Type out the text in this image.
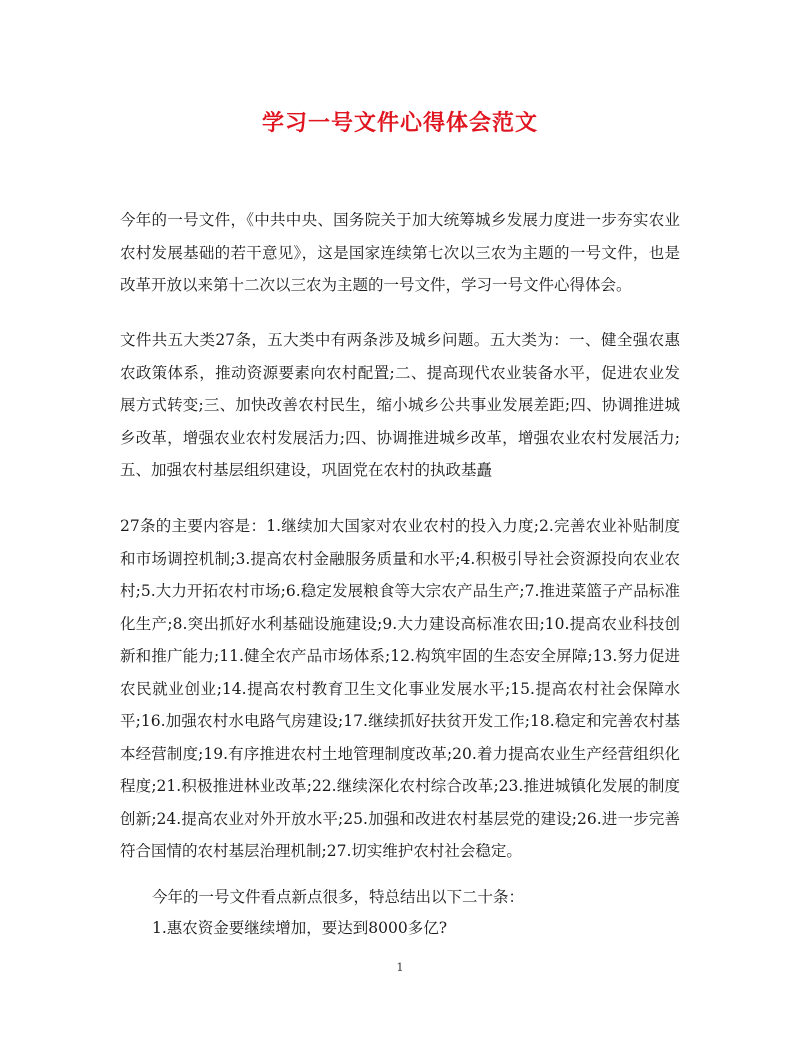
学习一号文件心得体会范文

今年的一号文件，《中共中央、国务院关于加大统筹城乡发展力度进一步夯实农业农村发展基础的若干意见》，这是国家连续第七次以三农为主题的一号文件，也是改革开放以来第十二次以三农为主题的一号文件，学习一号文件心得体会。

文件共五大类27条，五大类中有两条涉及城乡问题。五大类为：一、健全强农惠农政策体系，推动资源要素向农村配置;二、提高现代农业装备水平，促进农业发展方式转变;三、加快改善农村民生，缩小城乡公共事业发展差距;四、协调推进城乡改革，增强农业农村发展活力;四、协调推进城乡改革，增强农业农村发展活力;五、加强农村基层组织建设，巩固党在农村的执政基矗

27条的主要内容是：1.继续加大国家对农业农村的投入力度;2.完善农业补贴制度和市场调控机制;3.提高农村金融服务质量和水平;4.积极引导社会资源投向农业农村;5.大力开拓农村市场;6.稳定发展粮食等大宗农产品生产;7.推进菜篮子产品标准化生产;8.突出抓好水利基础设施建设;9.大力建设高标准农田;10.提高农业科技创新和推广能力;11.健全农产品市场体系;12.构筑牢固的生态安全屏障;13.努力促进农民就业创业;14.提高农村教育卫生文化事业发展水平;15.提高农村社会保障水平;16.加强农村水电路气房建设;17.继续抓好扶贫开发工作;18.稳定和完善农村基本经营制度;19.有序推进农村土地管理制度改革;20.着力提高农业生产经营组织化程度;21.积极推进林业改革;22.继续深化农村综合改革;23.推进城镇化发展的制度创新;24.提高农业对外开放水平;25.加强和改进农村基层党的建设;26.进一步完善符合国情的农村基层治理机制;27.切实维护农村社会稳定。

今年的一号文件看点新点很多，特总结出以下二十条：

1.惠农资金要继续增加，要达到8000多亿?

1
